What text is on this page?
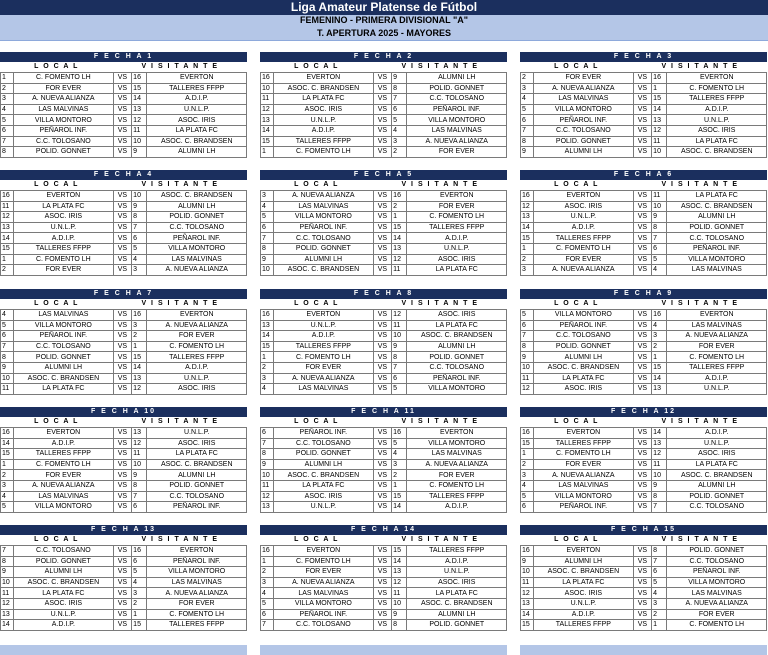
Liga Amateur Platense de Fútbol
FEMENINO - PRIMERA DIVISIONAL "A"
T. APERTURA 2025 - MAYORES
F E C H A 1
L O C A L	V I S I T A N T E
1	C. FOMENTO LH	VS	16	EVERTON
2	FOR EVER	VS	15	TALLERES FFPP
3	A. NUEVA ALIANZA	VS	14	A.D.I.P.
4	LAS MALVINAS	VS	13	U.N.L.P.
5	VILLA MONTORO	VS	12	ASOC. IRIS
6	PEÑAROL INF.	VS	11	LA PLATA FC
7	C.C. TOLOSANO	VS	10	ASOC. C. BRANDSEN
8	POLID. GONNET	VS	9	ALUMNI LH
F E C H A 2
L O C A L	V I S I T A N T E
16	EVERTON	VS	9	ALUMNI LH
10	ASOC. C. BRANDSEN	VS	8	POLID. GONNET
11	LA PLATA FC	VS	7	C.C. TOLOSANO
12	ASOC. IRIS	VS	6	PEÑAROL INF.
13	U.N.L.P.	VS	5	VILLA MONTORO
14	A.D.I.P.	VS	4	LAS MALVINAS
15	TALLERES FFPP	VS	3	A. NUEVA ALIANZA
1	C. FOMENTO LH	VS	2	FOR EVER
F E C H A 3
L O C A L	V I S I T A N T E
2	FOR EVER	VS	16	EVERTON
3	A. NUEVA ALIANZA	VS	1	C. FOMENTO LH
4	LAS MALVINAS	VS	15	TALLERES FFPP
5	VILLA MONTORO	VS	14	A.D.I.P.
6	PEÑAROL INF.	VS	13	U.N.L.P.
7	C.C. TOLOSANO	VS	12	ASOC. IRIS
8	POLID. GONNET	VS	11	LA PLATA FC
9	ALUMNI LH	VS	10	ASOC. C. BRANDSEN
F E C H A 4
L O C A L	V I S I T A N T E
16	EVERTON	VS	10	ASOC. C. BRANDSEN
11	LA PLATA FC	VS	9	ALUMNI LH
12	ASOC. IRIS	VS	8	POLID. GONNET
13	U.N.L.P.	VS	7	C.C. TOLOSANO
14	A.D.I.P.	VS	6	PEÑAROL INF.
15	TALLERES FFPP	VS	5	VILLA MONTORO
1	C. FOMENTO LH	VS	4	LAS MALVINAS
2	FOR EVER	VS	3	A. NUEVA ALIANZA
F E C H A 5
L O C A L	V I S I T A N T E
3	A. NUEVA ALIANZA	VS	16	EVERTON
4	LAS MALVINAS	VS	2	FOR EVER
5	VILLA MONTORO	VS	1	C. FOMENTO LH
6	PEÑAROL INF.	VS	15	TALLERES FFPP
7	C.C. TOLOSANO	VS	14	A.D.I.P.
8	POLID. GONNET	VS	13	U.N.L.P.
9	ALUMNI LH	VS	12	ASOC. IRIS
10	ASOC. C. BRANDSEN	VS	11	LA PLATA FC
F E C H A 6
L O C A L	V I S I T A N T E
16	EVERTON	VS	11	LA PLATA FC
12	ASOC. IRIS	VS	10	ASOC. C. BRANDSEN
13	U.N.L.P.	VS	9	ALUMNI LH
14	A.D.I.P.	VS	8	POLID. GONNET
15	TALLERES FFPP	VS	7	C.C. TOLOSANO
1	C. FOMENTO LH	VS	6	PEÑAROL INF.
2	FOR EVER	VS	5	VILLA MONTORO
3	A. NUEVA ALIANZA	VS	4	LAS MALVINAS
F E C H A 7
L O C A L	V I S I T A N T E
4	LAS MALVINAS	VS	16	EVERTON
5	VILLA MONTORO	VS	3	A. NUEVA ALIANZA
6	PEÑAROL INF.	VS	2	FOR EVER
7	C.C. TOLOSANO	VS	1	C. FOMENTO LH
8	POLID. GONNET	VS	15	TALLERES FFPP
9	ALUMNI LH	VS	14	A.D.I.P.
10	ASOC. C. BRANDSEN	VS	13	U.N.L.P.
11	LA PLATA FC	VS	12	ASOC. IRIS
F E C H A 8
L O C A L	V I S I T A N T E
16	EVERTON	VS	12	ASOC. IRIS
13	U.N.L.P.	VS	11	LA PLATA FC
14	A.D.I.P.	VS	10	ASOC. C. BRANDSEN
15	TALLERES FFPP	VS	9	ALUMNI LH
1	C. FOMENTO LH	VS	8	POLID. GONNET
2	FOR EVER	VS	7	C.C. TOLOSANO
3	A. NUEVA ALIANZA	VS	6	PEÑAROL INF.
4	LAS MALVINAS	VS	5	VILLA MONTORO
F E C H A 9
L O C A L	V I S I T A N T E
5	VILLA MONTORO	VS	16	EVERTON
6	PEÑAROL INF.	VS	4	LAS MALVINAS
7	C.C. TOLOSANO	VS	3	A. NUEVA ALIANZA
8	POLID. GONNET	VS	2	FOR EVER
9	ALUMNI LH	VS	1	C. FOMENTO LH
10	ASOC. C. BRANDSEN	VS	15	TALLERES FFPP
11	LA PLATA FC	VS	14	A.D.I.P.
12	ASOC. IRIS	VS	13	U.N.L.P.
F E C H A 10
L O C A L	V I S I T A N T E
16	EVERTON	VS	13	U.N.L.P.
14	A.D.I.P.	VS	12	ASOC. IRIS
15	TALLERES FFPP	VS	11	LA PLATA FC
1	C. FOMENTO LH	VS	10	ASOC. C. BRANDSEN
2	FOR EVER	VS	9	ALUMNI LH
3	A. NUEVA ALIANZA	VS	8	POLID. GONNET
4	LAS MALVINAS	VS	7	C.C. TOLOSANO
5	VILLA MONTORO	VS	6	PEÑAROL INF.
F E C H A 11
L O C A L	V I S I T A N T E
6	PEÑAROL INF.	VS	16	EVERTON
7	C.C. TOLOSANO	VS	5	VILLA MONTORO
8	POLID. GONNET	VS	4	LAS MALVINAS
9	ALUMNI LH	VS	3	A. NUEVA ALIANZA
10	ASOC. C. BRANDSEN	VS	2	FOR EVER
11	LA PLATA FC	VS	1	C. FOMENTO LH
12	ASOC. IRIS	VS	15	TALLERES FFPP
13	U.N.L.P.	VS	14	A.D.I.P.
F E C H A 12
L O C A L	V I S I T A N T E
16	EVERTON	VS	14	A.D.I.P.
15	TALLERES FFPP	VS	13	U.N.L.P.
1	C. FOMENTO LH	VS	12	ASOC. IRIS
2	FOR EVER	VS	11	LA PLATA FC
3	A. NUEVA ALIANZA	VS	10	ASOC. C. BRANDSEN
4	LAS MALVINAS	VS	9	ALUMNI LH
5	VILLA MONTORO	VS	8	POLID. GONNET
6	PEÑAROL INF.	VS	7	C.C. TOLOSANO
F E C H A 13
L O C A L	V I S I T A N T E
7	C.C. TOLOSANO	VS	16	EVERTON
8	POLID. GONNET	VS	6	PEÑAROL INF.
9	ALUMNI LH	VS	5	VILLA MONTORO
10	ASOC. C. BRANDSEN	VS	4	LAS MALVINAS
11	LA PLATA FC	VS	3	A. NUEVA ALIANZA
12	ASOC. IRIS	VS	2	FOR EVER
13	U.N.L.P.	VS	1	C. FOMENTO LH
14	A.D.I.P.	VS	15	TALLERES FFPP
F E C H A 14
L O C A L	V I S I T A N T E
16	EVERTON	VS	15	TALLERES FFPP
1	C. FOMENTO LH	VS	14	A.D.I.P.
2	FOR EVER	VS	13	U.N.L.P.
3	A. NUEVA ALIANZA	VS	12	ASOC. IRIS
4	LAS MALVINAS	VS	11	LA PLATA FC
5	VILLA MONTORO	VS	10	ASOC. C. BRANDSEN
6	PEÑAROL INF.	VS	9	ALUMNI LH
7	C.C. TOLOSANO	VS	8	POLID. GONNET
F E C H A 15
L O C A L	V I S I T A N T E
16	EVERTON	VS	8	POLID. GONNET
9	ALUMNI LH	VS	7	C.C. TOLOSANO
10	ASOC. C. BRANDSEN	VS	6	PEÑAROL INF.
11	LA PLATA FC	VS	5	VILLA MONTORO
12	ASOC. IRIS	VS	4	LAS MALVINAS
13	U.N.L.P.	VS	3	A. NUEVA ALIANZA
14	A.D.I.P.	VS	2	FOR EVER
15	TALLERES FFPP	VS	1	C. FOMENTO LH
